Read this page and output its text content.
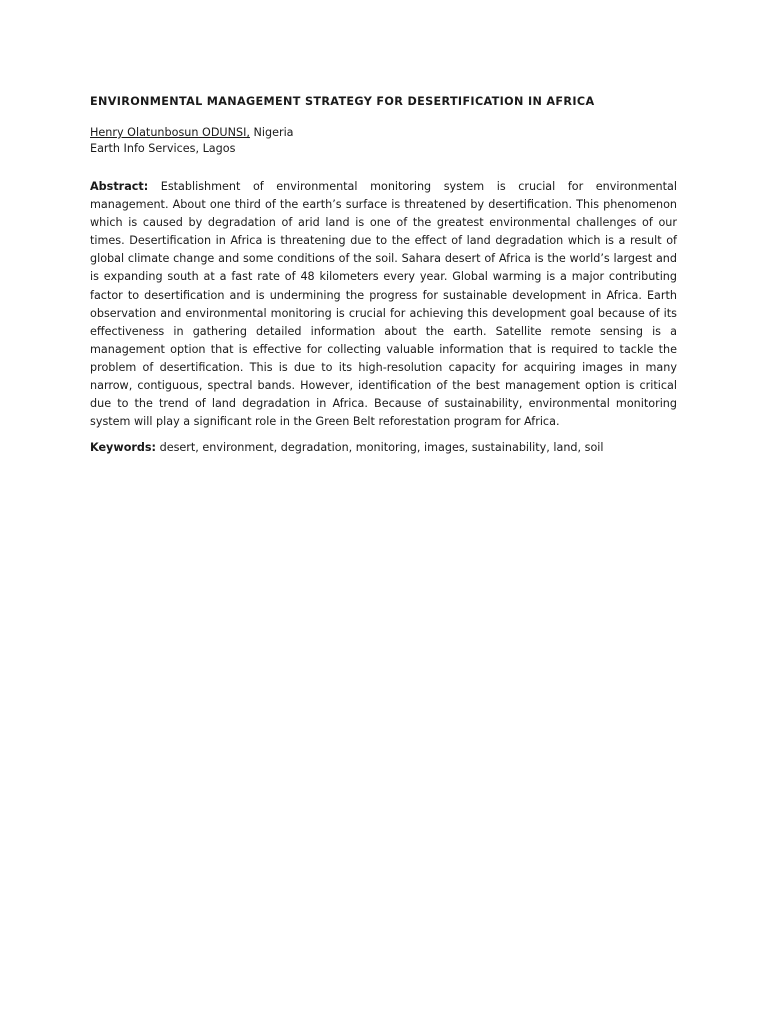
ENVIRONMENTAL MANAGEMENT STRATEGY FOR DESERTIFICATION IN AFRICA
Henry Olatunbosun ODUNSI, Nigeria
Earth Info Services, Lagos

Abstract: Establishment of environmental monitoring system is crucial for environmental management. About one third of the earth’s surface is threatened by desertification. This phenomenon which is caused by degradation of arid land is one of the greatest environmental challenges of our times. Desertification in Africa is threatening due to the effect of land degradation which is a result of global climate change and some conditions of the soil. Sahara desert of Africa is the world’s largest and is expanding south at a fast rate of 48 kilometers every year. Global warming is a major contributing factor to desertification and is undermining the progress for sustainable development in Africa. Earth observation and environmental monitoring is crucial for achieving this development goal because of its effectiveness in gathering detailed information about the earth. Satellite remote sensing is a management option that is effective for collecting valuable information that is required to tackle the problem of desertification. This is due to its high-resolution capacity for acquiring images in many narrow, contiguous, spectral bands. However, identification of the best management option is critical due to the trend of land degradation in Africa. Because of sustainability, environmental monitoring system will play a significant role in the Green Belt reforestation program for Africa.

Keywords: desert, environment, degradation, monitoring, images, sustainability, land, soil
